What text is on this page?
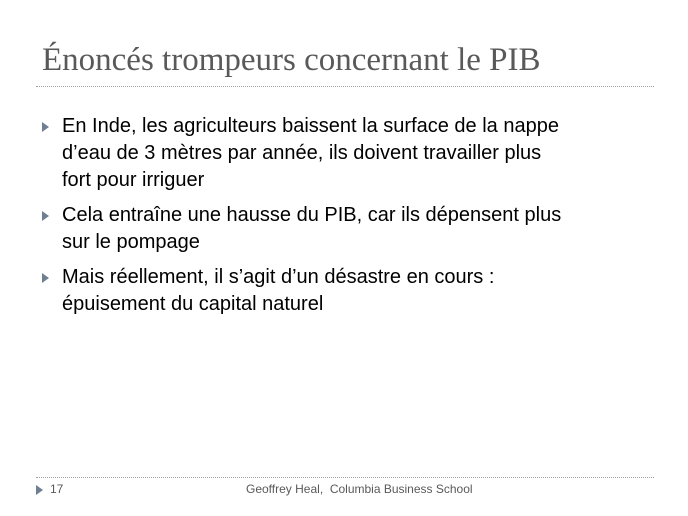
Énoncés trompeurs concernant le PIB
En Inde, les agriculteurs baissent la surface de la nappe
d’eau de 3 mètres par année, ils doivent travailler plus
fort pour irriguer
Cela entraîne une hausse du PIB, car ils dépensent plus
sur le pompage
Mais réellement, il s’agit d’un désastre en cours :
épuisement du capital naturel
17	Geoffrey Heal,  Columbia Business School
